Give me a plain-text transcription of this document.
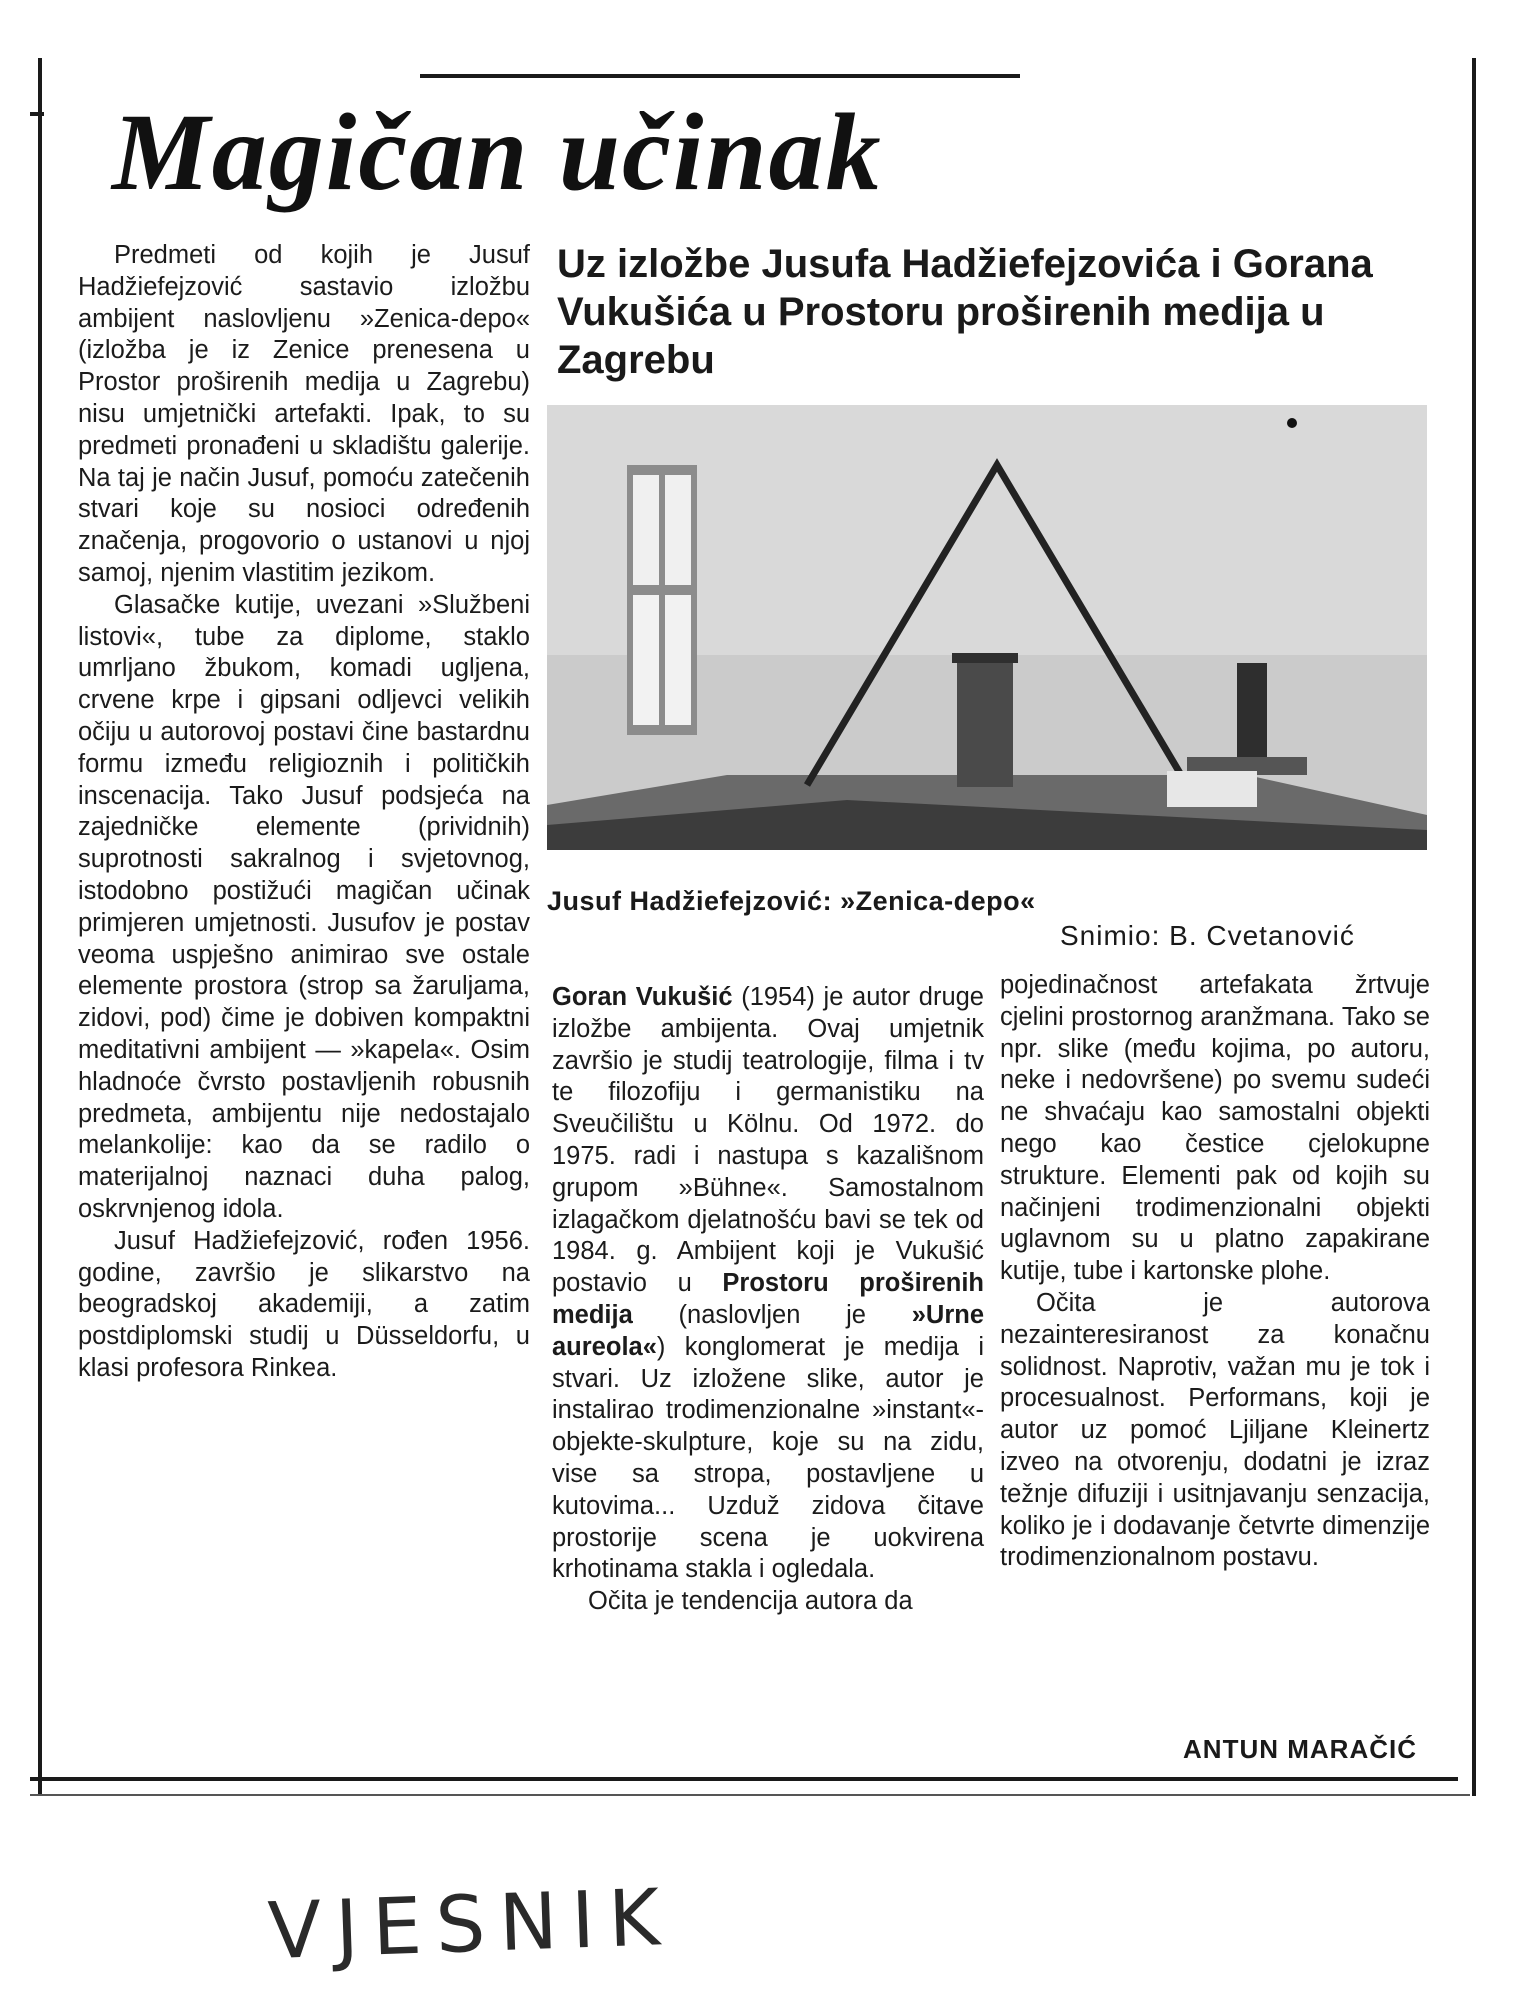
Magičan učinak
Uz izložbe Jusufa Hadžiefejzovića i Gorana Vukušića u Prostoru proširenih medija u Zagrebu

Predmeti od kojih je Jusuf Hadžiefejzović sastavio izložbu ambijent naslovljenu »Zenica-depo« (izložba je iz Zenice prenesena u Prostor proširenih medija u Zagrebu) nisu umjetnički artefakti. Ipak, to su predmeti pronađeni u skladištu galerije. Na taj je način Jusuf, pomoću zatečenih stvari koje su nosioci određenih značenja, progovorio o ustanovi u njoj samoj, njenim vlastitim jezikom.

Glasačke kutije, uvezani »Službeni listovi«, tube za diplome, staklo umrljano žbukom, komadi ugljena, crvene krpe i gipsani odljevci velikih očiju u autorovoj postavi čine bastardnu formu između religioznih i političkih inscenacija. Tako Jusuf podsjeća na zajedničke elemente (prividnih) suprotnosti sakralnog i svjetovnog, istodobno postižući magičan učinak primjeren umjetnosti. Jusufov je postav veoma uspješno animirao sve ostale elemente prostora (strop sa žaruljama, zidovi, pod) čime je dobiven kompaktni meditativni ambijent — »kapela«. Osim hladnoće čvrsto postavljenih robusnih predmeta, ambijentu nije nedostajalo melankolije: kao da se radilo o materijalnoj naznaci duha palog, oskrvnjenog idola.

Jusuf Hadžiefejzović, rođen 1956. godine, završio je slikarstvo na beogradskoj akademiji, a zatim postdiplomski studij u Düsseldorfu, u klasi profesora Rinkea.

Jusuf Hadžiefejzović: »Zenica-depo«

Snimio: B. Cvetanović

Goran Vukušić (1954) je autor druge izložbe ambijenta. Ovaj umjetnik završio je studij teatrologije, filma i tv te filozofiju i germanistiku na Sveučilištu u Kölnu. Od 1972. do 1975. radi i nastupa s kazališnom grupom »Bühne«. Samostalnom izlagačkom djelatnošću bavi se tek od 1984. g. Ambijent koji je Vukušić postavio u Prostoru proširenih medija (naslovljen je »Urne aureola«) konglomerat je medija i stvari. Uz izložene slike, autor je instalirao trodimenzionalne »instant«-objekte-skulpture, koje su na zidu, vise sa stropa, postavljene u kutovima... Uzduž zidova čitave prostorije scena je uokvirena krhotinama stakla i ogledala.

Očita je tendencija autora da

pojedinačnost artefakata žrtvuje cjelini prostornog aranžmana. Tako se npr. slike (među kojima, po autoru, neke i nedovršene) po svemu sudeći ne shvaćaju kao samostalni objekti nego kao čestice cjelokupne strukture. Elementi pak od kojih su načinjeni trodimenzionalni objekti uglavnom su u platno zapakirane kutije, tube i kartonske plohe.

Očita je autorova nezainteresiranost za konačnu solidnost. Naprotiv, važan mu je tok i procesualnost. Performans, koji je autor uz pomoć Ljiljane Kleinertz izveo na otvorenju, dodatni je izraz težnje difuziji i usitnjavanju senzacija, koliko je i dodavanje četvrte dimenzije trodimenzionalnom postavu.

ANTUN MARAČIĆ

VJESNIK
